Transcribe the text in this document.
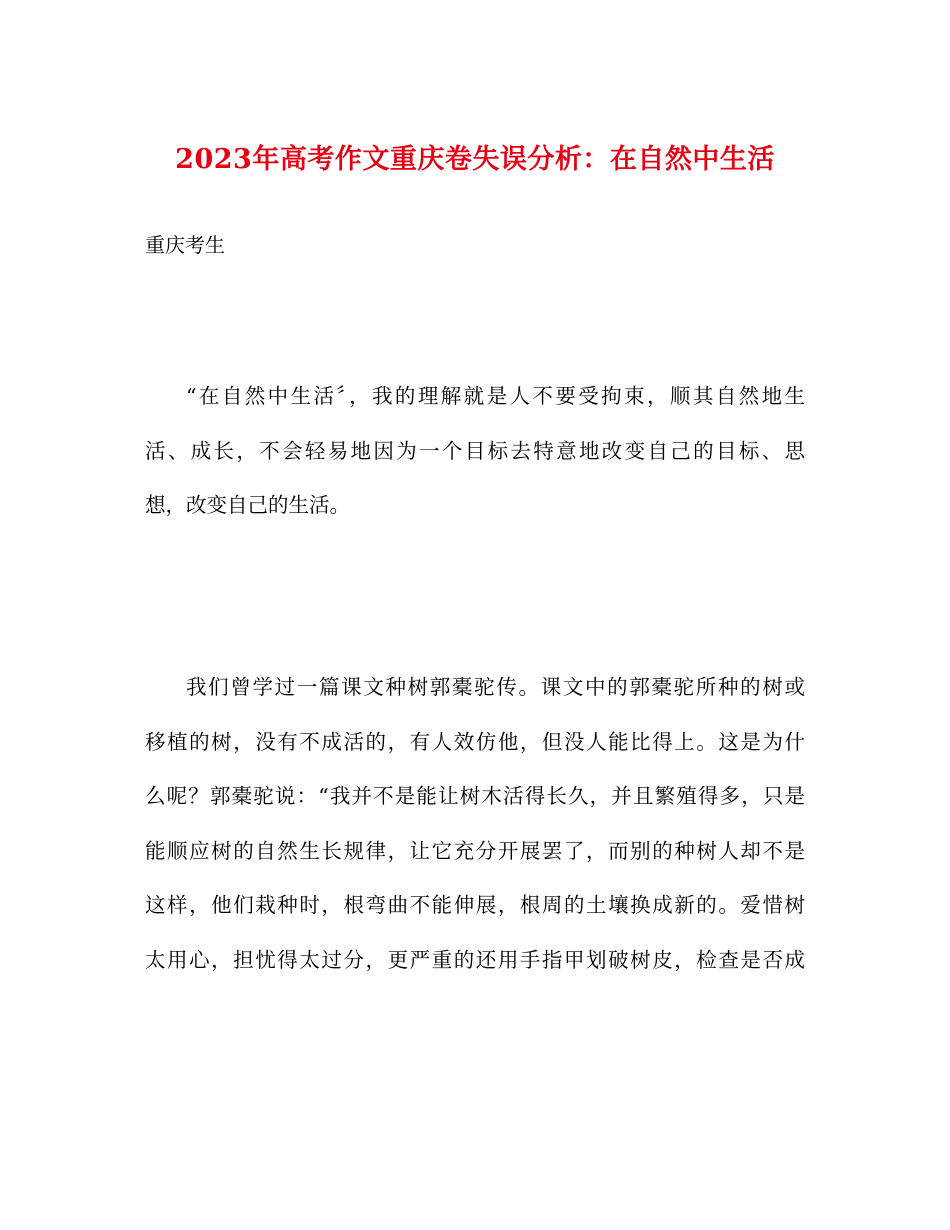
2023年高考作文重庆卷失误分析：在自然中生活
重庆考生
“在自然中生活〞，我的理解就是人不要受拘束，顺其自然地生
活、成长，不会轻易地因为一个目标去特意地改变自己的目标、思
想，改变自己的生活。
我们曾学过一篇课文种树郭橐驼传。课文中的郭橐驼所种的树或
移植的树，没有不成活的，有人效仿他，但没人能比得上。这是为什
么呢？郭橐驼说：“我并不是能让树木活得长久，并且繁殖得多，只是
能顺应树的自然生长规律，让它充分开展罢了，而别的种树人却不是
这样，他们栽种时，根弯曲不能伸展，根周的土壤换成新的。爱惜树
太用心，担忧得太过分，更严重的还用手指甲划破树皮，检查是否成
